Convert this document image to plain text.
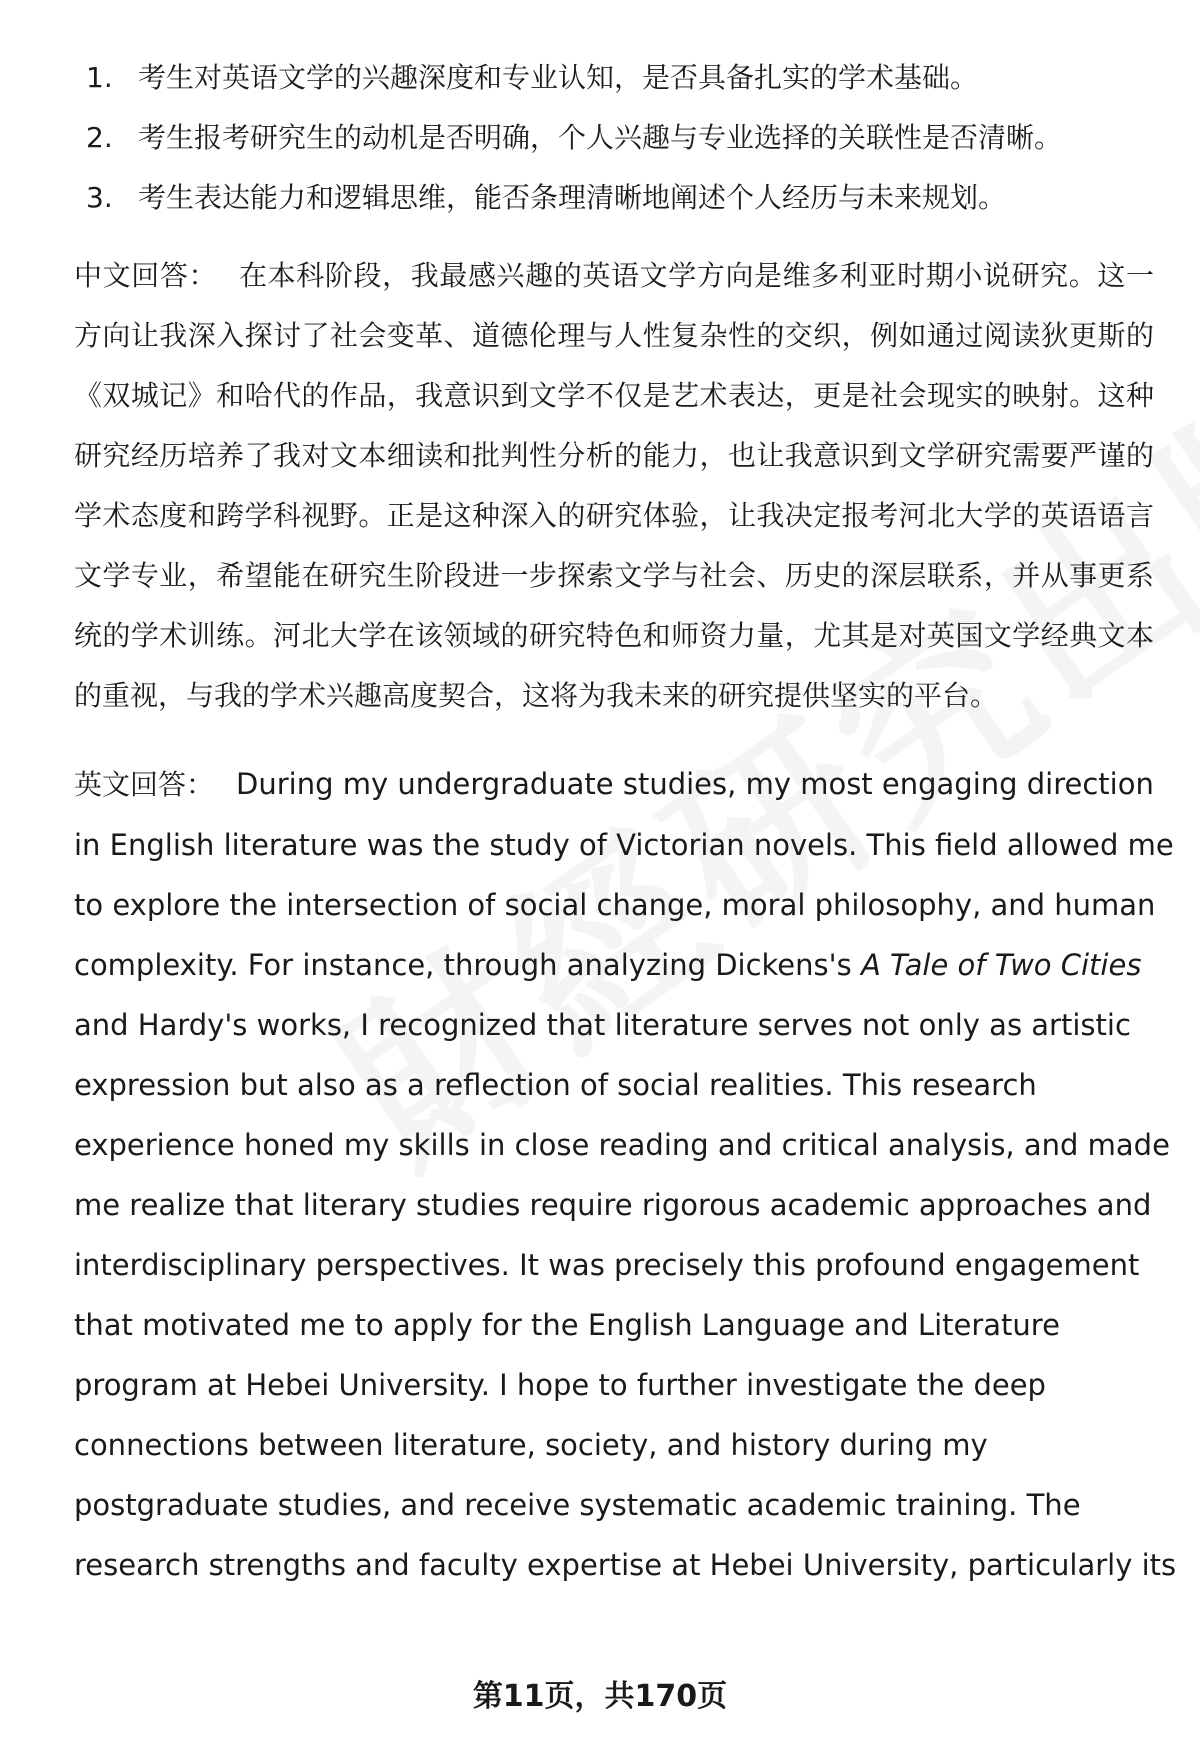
1. 考生对英语文学的兴趣深度和专业认知，是否具备扎实的学术基础。
2. 考生报考研究生的动机是否明确，个人兴趣与专业选择的关联性是否清晰。
3. 考生表达能力和逻辑思维，能否条理清晰地阐述个人经历与未来规划。

中文回答： 在本科阶段，我最感兴趣的英语文学方向是维多利亚时期小说研究。这一方向让我深入探讨了社会变革、道德伦理与人性复杂性的交织，例如通过阅读狄更斯的《双城记》和哈代的作品，我意识到文学不仅是艺术表达，更是社会现实的映射。这种研究经历培养了我对文本细读和批判性分析的能力，也让我意识到文学研究需要严谨的学术态度和跨学科视野。正是这种深入的研究体验，让我决定报考河北大学的英语语言文学专业，希望能在研究生阶段进一步探索文学与社会、历史的深层联系，并从事更系统的学术训练。河北大学在该领域的研究特色和师资力量，尤其是对英国文学经典文本的重视，与我的学术兴趣高度契合，这将为我未来的研究提供坚实的平台。

英文回答： During my undergraduate studies, my most engaging direction
in English literature was the study of Victorian novels. This field allowed me
to explore the intersection of social change, moral philosophy, and human
complexity. For instance, through analyzing Dickens's A Tale of Two Cities
and Hardy's works, I recognized that literature serves not only as artistic
expression but also as a reflection of social realities. This research
experience honed my skills in close reading and critical analysis, and made
me realize that literary studies require rigorous academic approaches and
interdisciplinary perspectives. It was precisely this profound engagement
that motivated me to apply for the English Language and Literature
program at Hebei University. I hope to further investigate the deep
connections between literature, society, and history during my
postgraduate studies, and receive systematic academic training. The
research strengths and faculty expertise at Hebei University, particularly its
第11页，共170页
